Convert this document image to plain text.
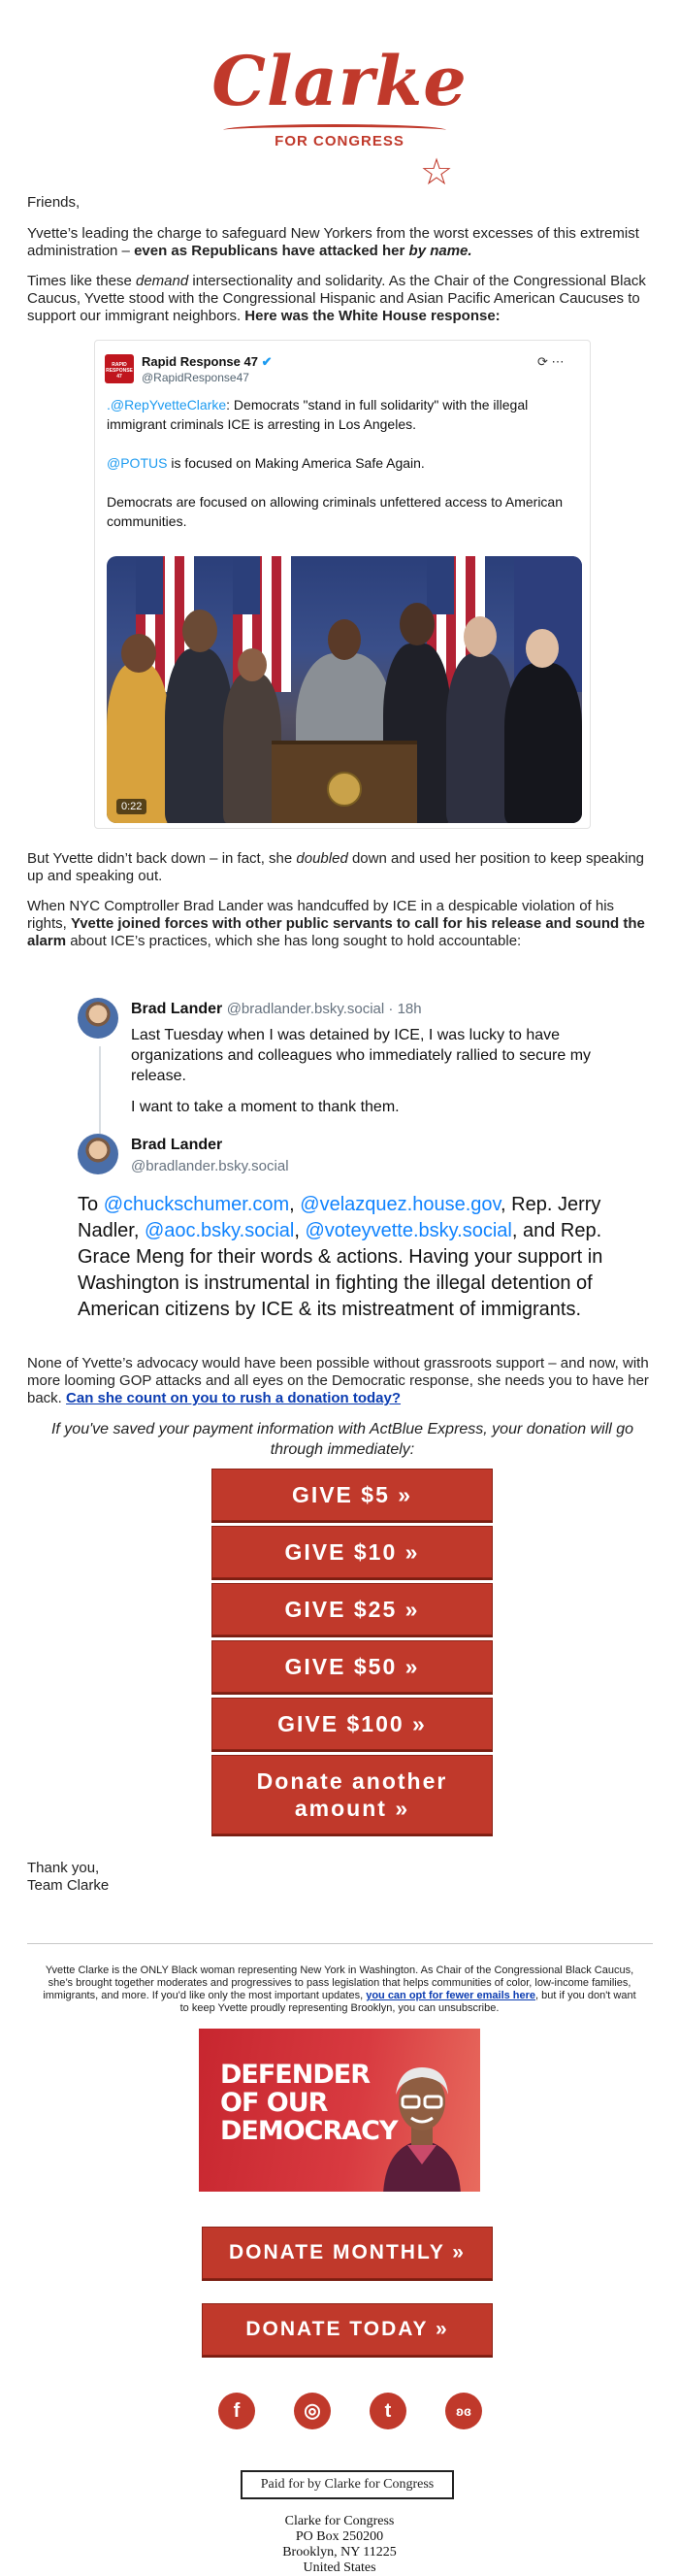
Clarke
FOR CONGRESS
☆
Friends,
Yvette’s leading the charge to safeguard New Yorkers from the worst excesses of this extremist administration – even as Republicans have attacked her by name.
Times like these demand intersectionality and solidarity. As the Chair of the Congressional Black Caucus, Yvette stood with the Congressional Hispanic and Asian Pacific American Caucuses to support our immigrant neighbors. Here was the White House response:
RAPID RESPONSE 47
Rapid Response 47 ✔
@RapidResponse47
⟳ ⋯
.@RepYvetteClarke: Democrats "stand in full solidarity" with the illegal immigrant criminals ICE is arresting in Los Angeles.
@POTUS is focused on Making America Safe Again.
Democrats are focused on allowing criminals unfettered access to American communities.
0:22
But Yvette didn’t back down – in fact, she doubled down and used her position to keep speaking up and speaking out.
When NYC Comptroller Brad Lander was handcuffed by ICE in a despicable violation of his rights, Yvette joined forces with other public servants to call for his release and sound the alarm about ICE’s practices, which she has long sought to hold accountable:
Brad Lander @bradlander.bsky.social · 18h
Last Tuesday when I was detained by ICE, I was lucky to have organizations and colleagues who immediately rallied to secure my release.
I want to take a moment to thank them.
Brad Lander
@bradlander.bsky.social
To @chuckschumer.com, @velazquez.house.gov, Rep. Jerry Nadler, @aoc.bsky.social, @voteyvette.bsky.social, and Rep. Grace Meng for their words & actions. Having your support in Washington is instrumental in fighting the illegal detention of American citizens by ICE & its mistreatment of immigrants.
None of Yvette’s advocacy would have been possible without grassroots support – and now, with more looming GOP attacks and all eyes on the Democratic response, she needs you to have her back. Can she count on you to rush a donation today?
If you've saved your payment information with ActBlue Express, your donation will go through immediately:
GIVE $5 »
GIVE $10 »
GIVE $25 »
GIVE $50 »
GIVE $100 »
Donate another amount »
Thank you,
Team Clarke
Yvette Clarke is the ONLY Black woman representing New York in Washington. As Chair of the Congressional Black Caucus, she’s brought together moderates and progressives to pass legislation that helps communities of color, low-income families, immigrants, and more. If you'd like only the most important updates, you can opt for fewer emails here, but if you don't want to keep Yvette proudly representing Brooklyn, you can unsubscribe.
DEFENDER OF OUR DEMOCRACY
DONATE MONTHLY »
DONATE TODAY »
f	◎	t	ʚɞ
Paid for by Clarke for Congress
Clarke for Congress
PO Box 250200
Brooklyn, NY 11225
United States
